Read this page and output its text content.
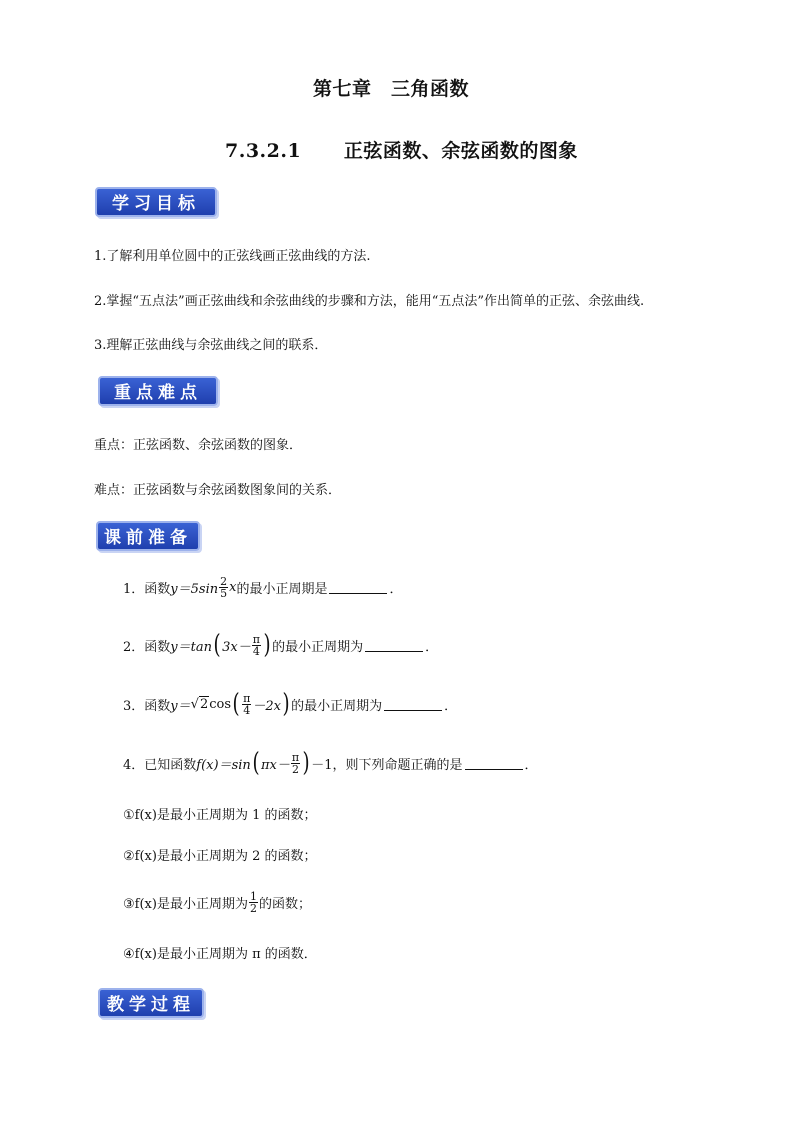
第七章　三角函数
7.3.2.1      正弦函数、余弦函数的图象
学习目标
1.了解利用单位圆中的正弦线画正弦曲线的方法.
2.掌握“五点法”画正弦曲线和余弦曲线的步骤和方法，能用“五点法”作出简单的正弦、余弦曲线.
3.理解正弦曲线与余弦曲线之间的联系．
重点难点
重点：正弦函数、余弦函数的图象．
难点：正弦函数与余弦函数图象间的关系．
课前准备
1．函数 $y=5\sin \frac{2}{5}$ x 的最小正周期是	．
2．函数 y＝tan ( $3x- \frac{\pi}{4}$ ) 的最小正周期为	．
3．函数 y＝ √ 2 cos ( $\frac{\pi}{4} -2x$ ) 的最小正周期为	．
4．已知函数 f(x)＝sin ( $\pi x- \frac{\pi}{2}$ ) －1，则下列命题正确的是	．
①f(x)是最小正周期为 1 的函数；
②f(x)是最小正周期为 2 的函数；
③f(x)是最小正周期为 $\frac{1}{2}$ 的函数；
④f(x)是最小正周期为 π 的函数．
教学过程
